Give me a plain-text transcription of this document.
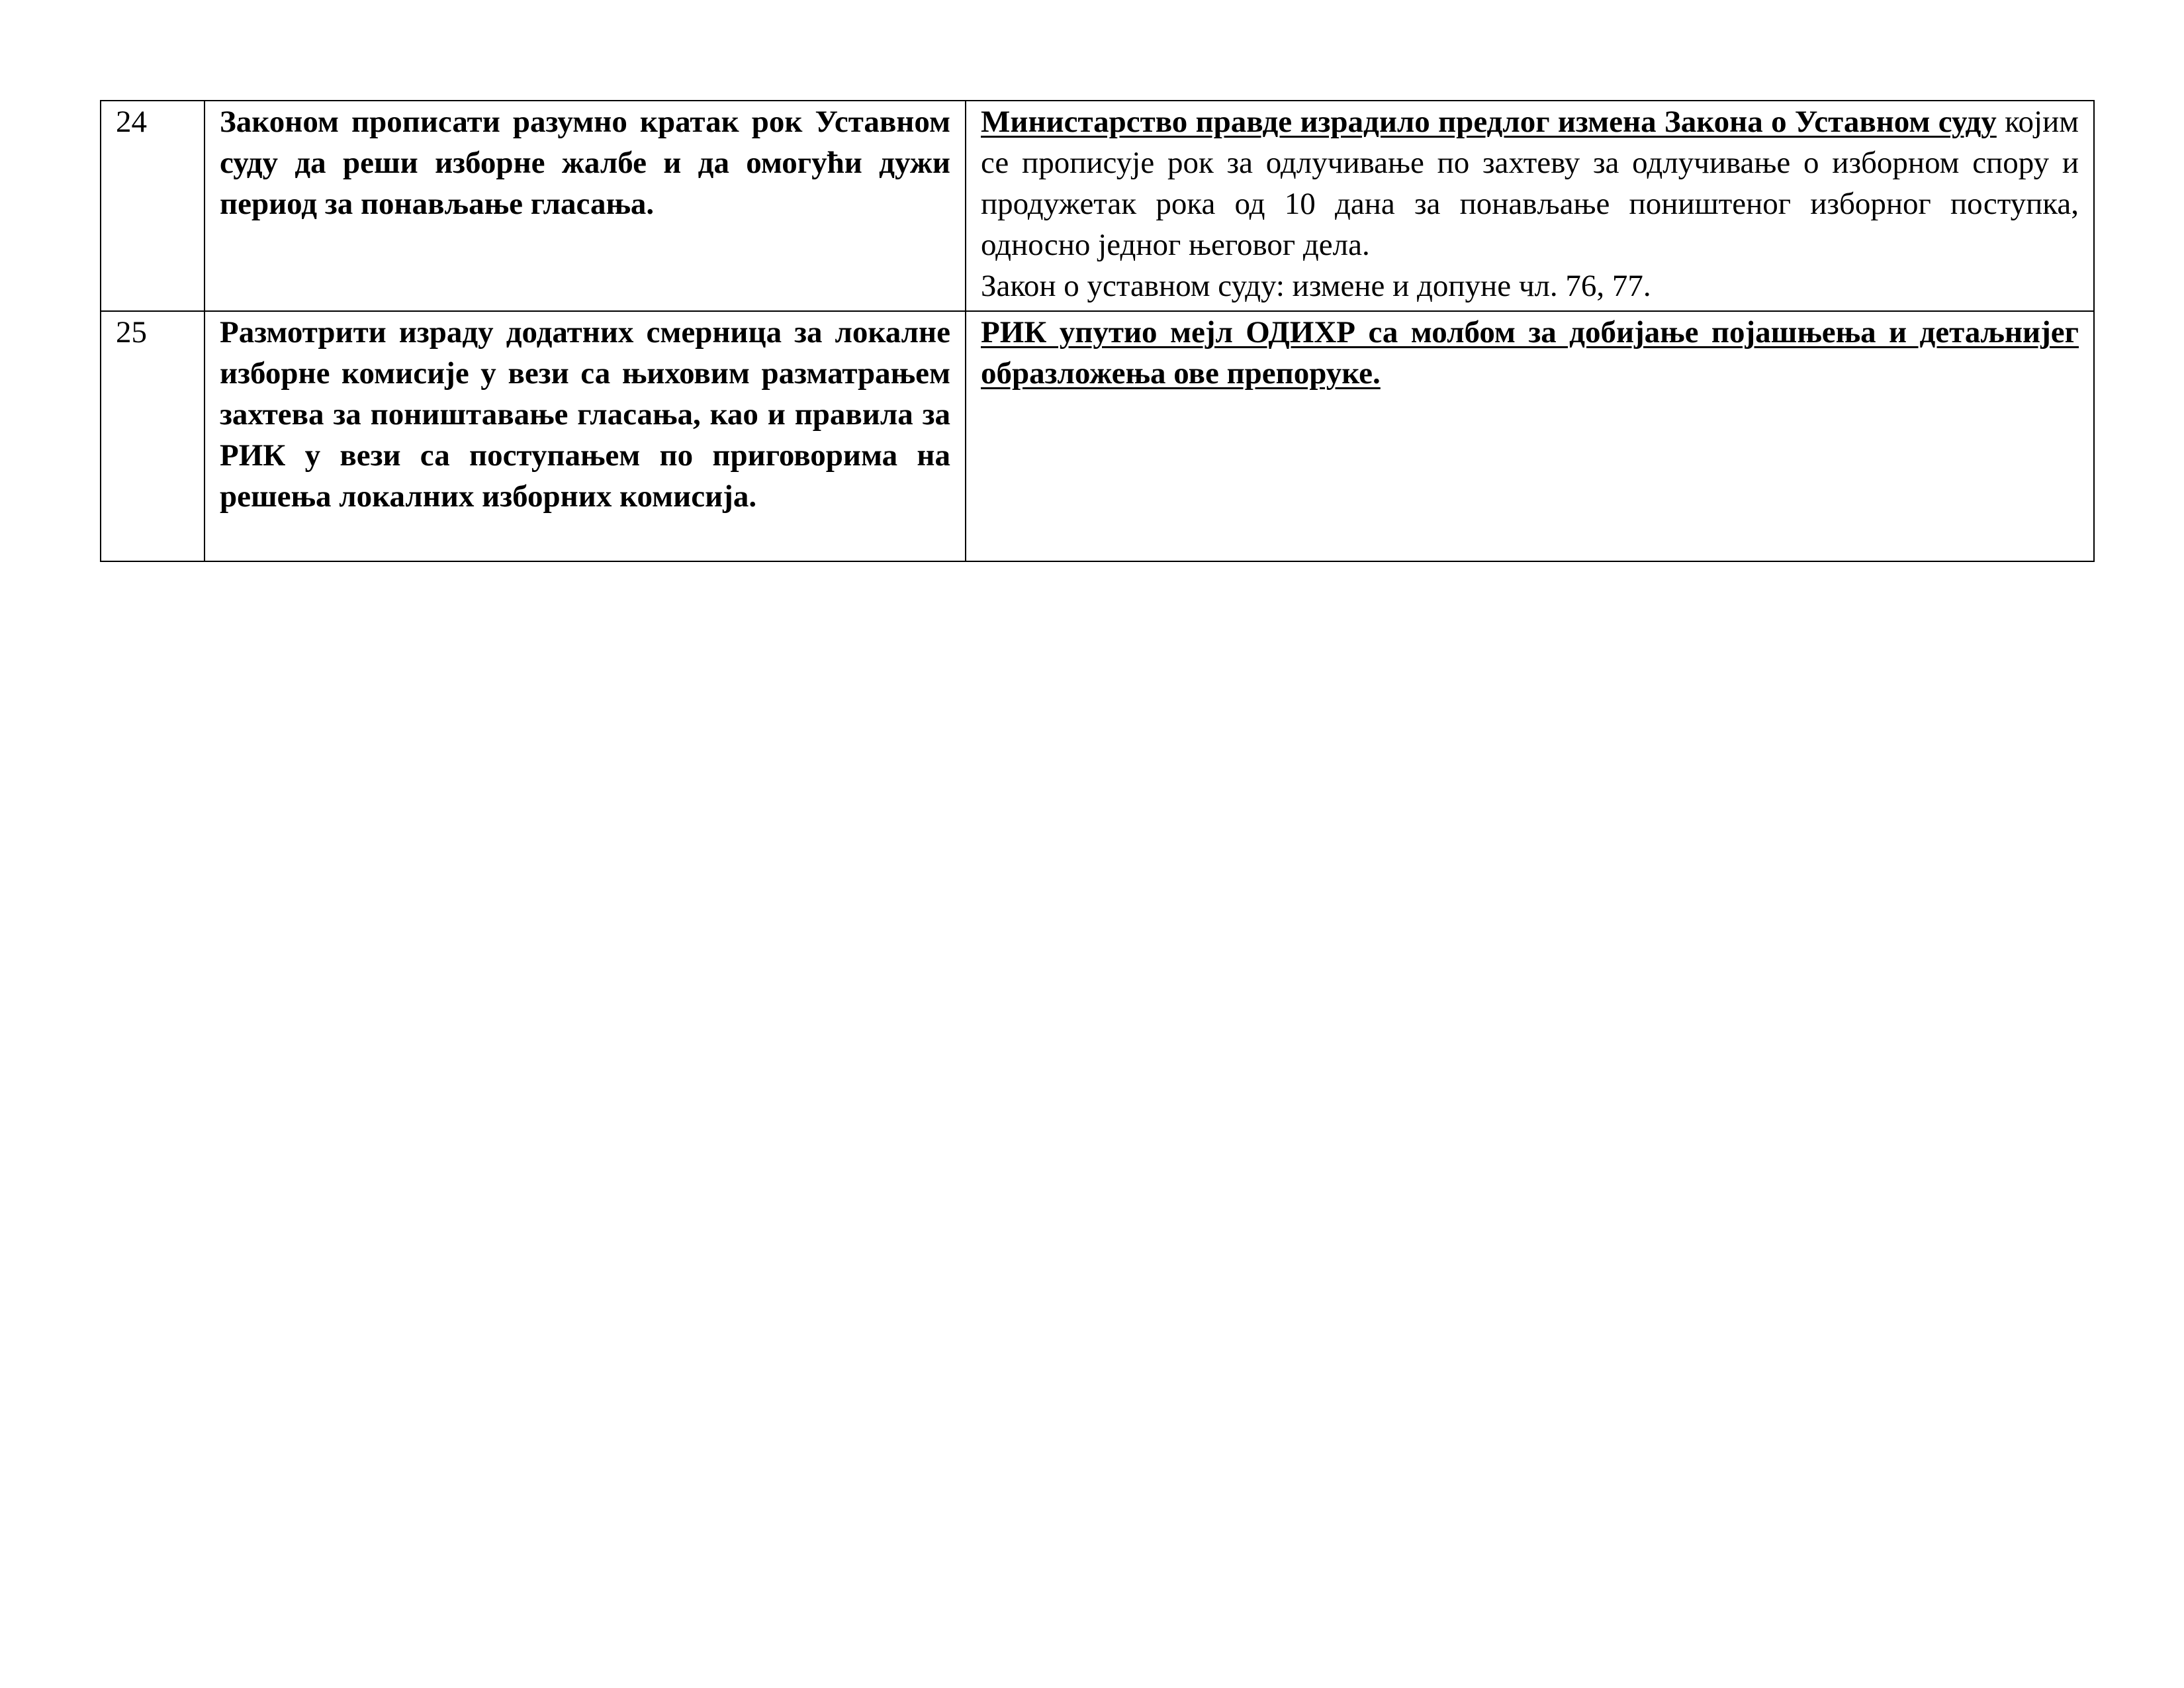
24	Законом прописати разумно кратак рок Уставном суду да реши изборне жалбе и да омогући дужи период за понављање гласања.	Министарство правде израдило предлог измена Закона о Уставном суду којим се прописује рок за одлучивање по захтеву за одлучивање о изборном спору и продужетак рока од 10 дана за понављање поништеног изборног поступка, односно једног његовог дела.
Закон о уставном суду: измене и допуне чл. 76, 77.

25	Размотрити израду додатних смерница за локалне изборне комисије у вези са њиховим разматрањем захтева за поништавање гласања, као и правила за РИК у вези са поступањем по приговорима на решења локалних изборних комисија.	РИК упутио мејл ОДИХР са молбом за добијање појашњења и детаљнијег образложења ове препоруке.
